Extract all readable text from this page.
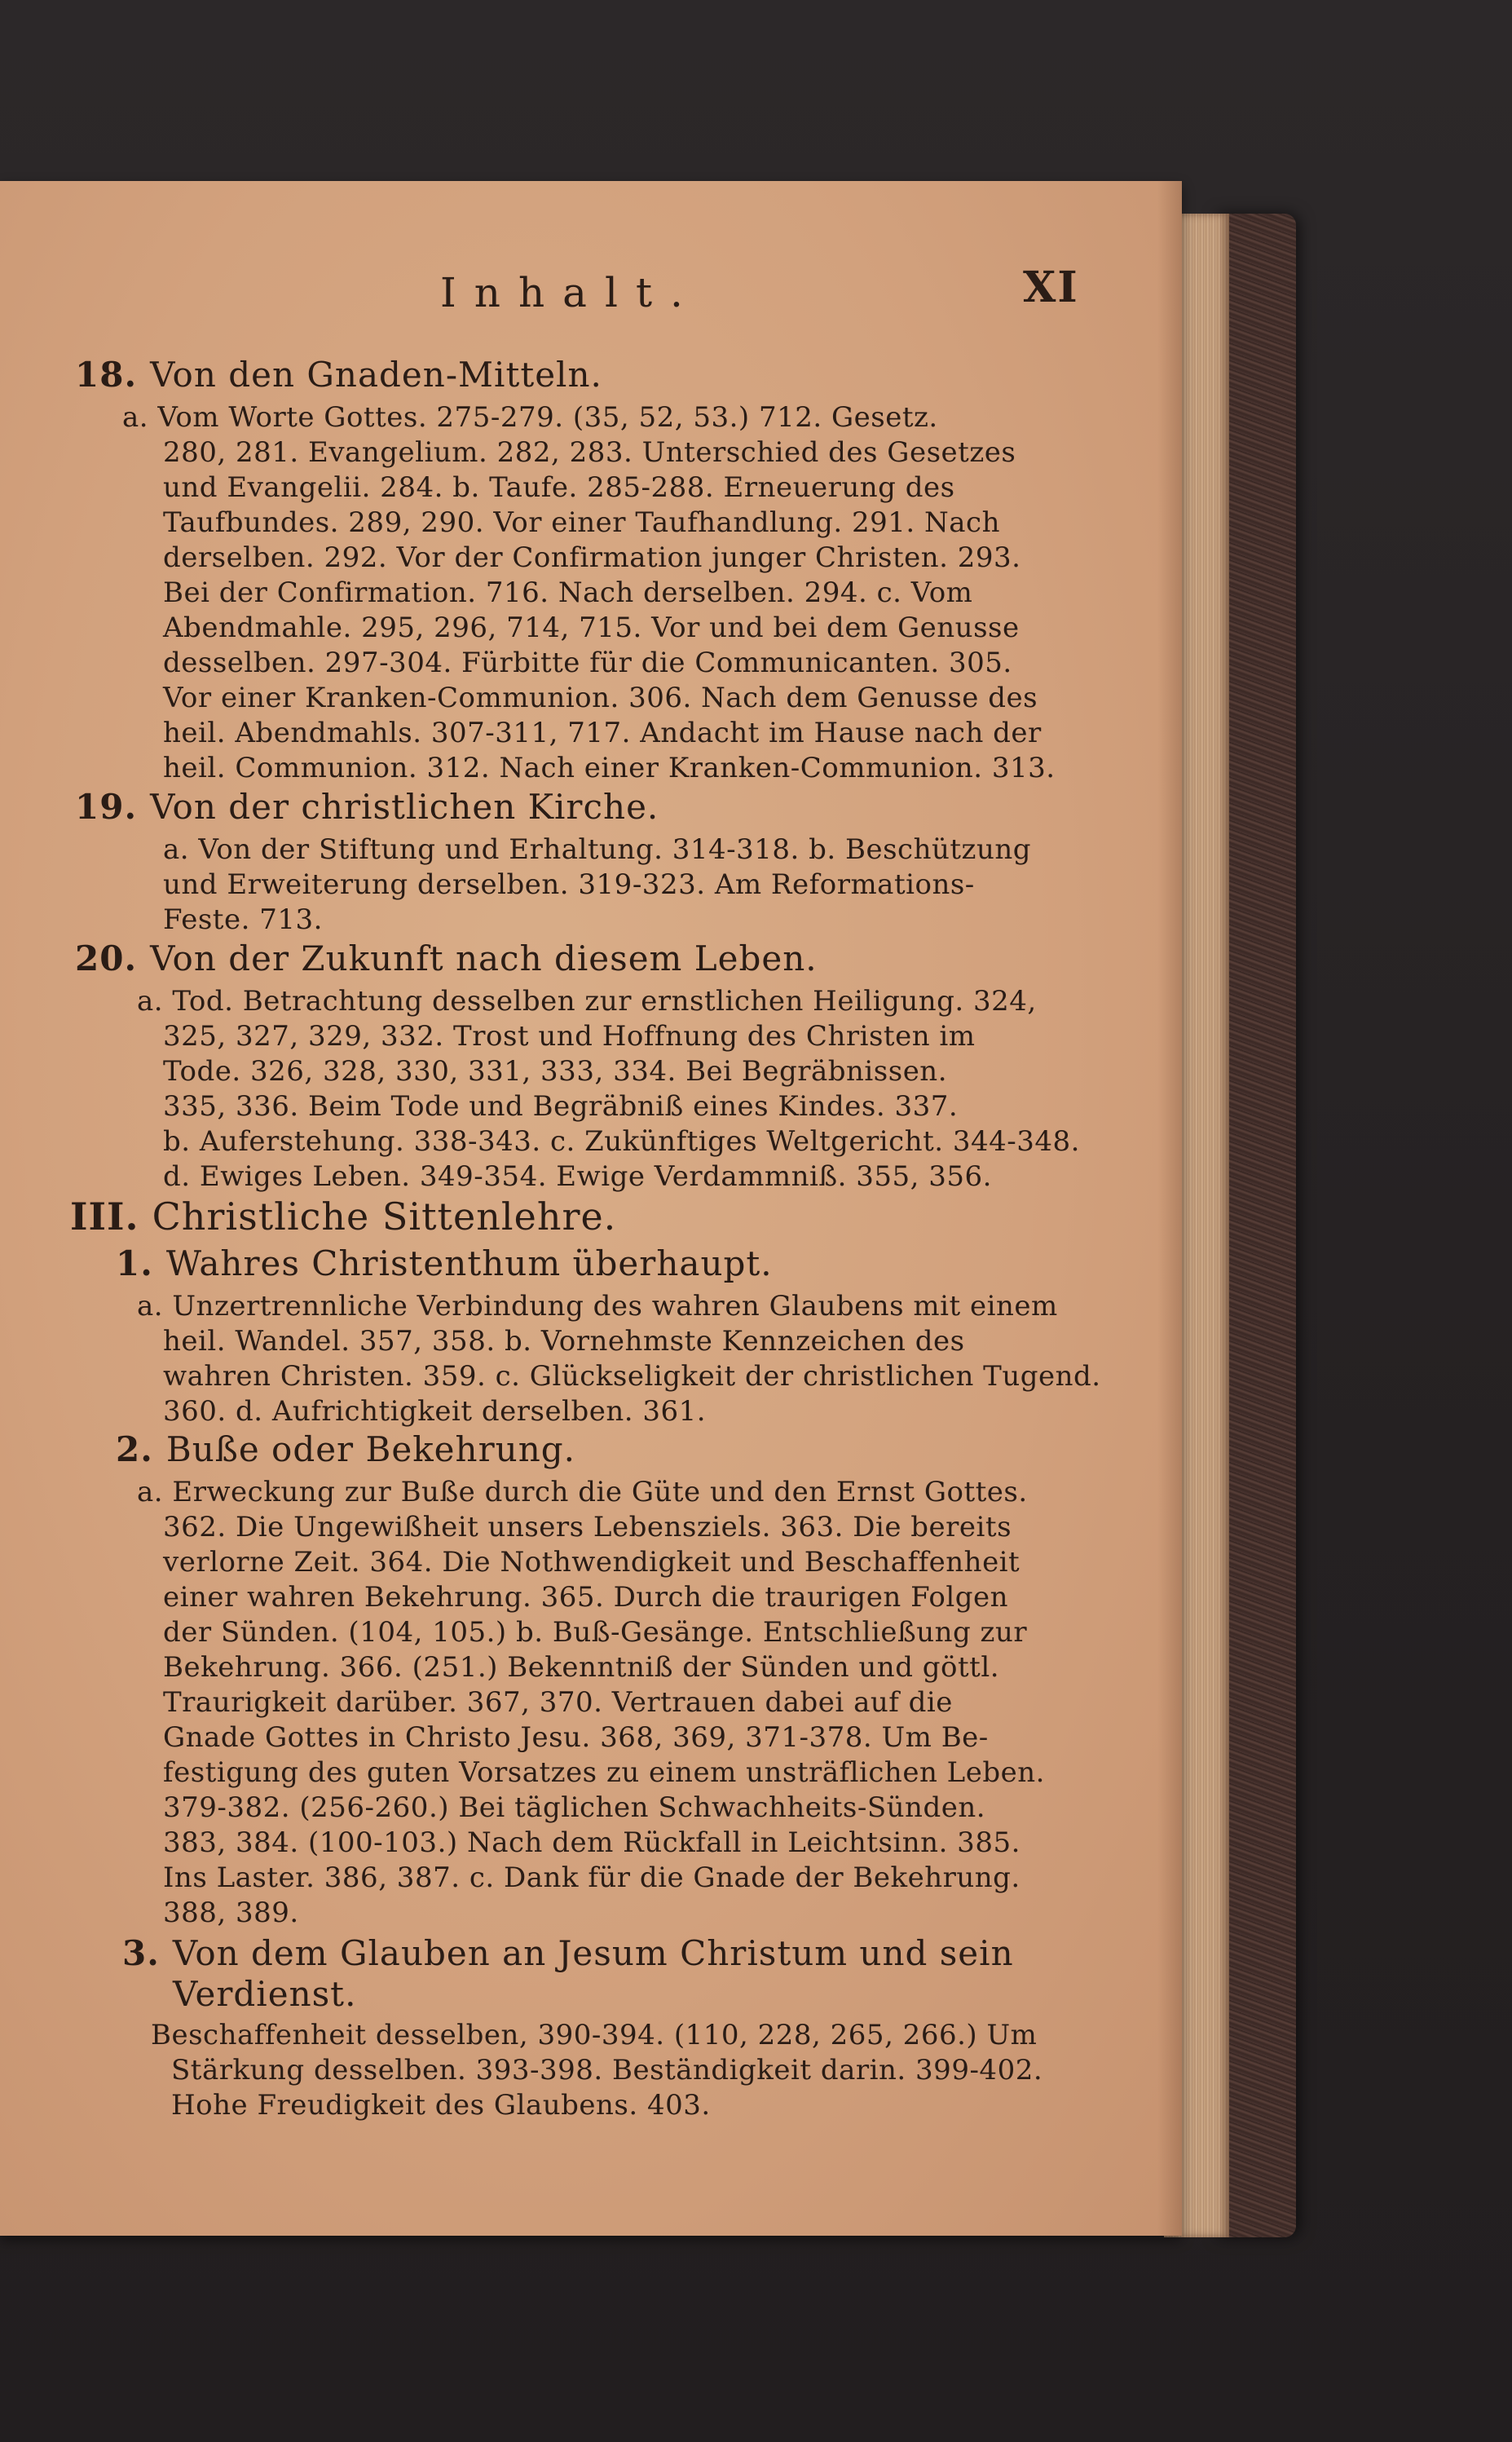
Inhalt.	XI
18. Von den Gnaden-Mitteln.
a. Vom Worte Gottes. 275-279. (35, 52, 53.) 712. Gesetz.
280, 281. Evangelium. 282, 283. Unterschied des Gesetzes
und Evangelii. 284. b. Taufe. 285-288. Erneuerung des
Taufbundes. 289, 290. Vor einer Taufhandlung. 291. Nach
derselben. 292. Vor der Confirmation junger Christen. 293.
Bei der Confirmation. 716. Nach derselben. 294. c. Vom
Abendmahle. 295, 296, 714, 715. Vor und bei dem Genusse
desselben. 297-304. Fürbitte für die Communicanten. 305.
Vor einer Kranken-Communion. 306. Nach dem Genusse des
heil. Abendmahls. 307-311, 717. Andacht im Hause nach der
heil. Communion. 312. Nach einer Kranken-Communion. 313.
19. Von der christlichen Kirche.
a. Von der Stiftung und Erhaltung. 314-318. b. Beschützung
und Erweiterung derselben. 319-323. Am Reformations-
Feste. 713.
20. Von der Zukunft nach diesem Leben.
a. Tod. Betrachtung desselben zur ernstlichen Heiligung. 324,
325, 327, 329, 332. Trost und Hoffnung des Christen im
Tode. 326, 328, 330, 331, 333, 334. Bei Begräbnissen.
335, 336. Beim Tode und Begräbniß eines Kindes. 337.
b. Auferstehung. 338-343. c. Zukünftiges Weltgericht. 344-348.
d. Ewiges Leben. 349-354. Ewige Verdammniß. 355, 356.
III. Christliche Sittenlehre.
1. Wahres Christenthum überhaupt.
a. Unzertrennliche Verbindung des wahren Glaubens mit einem
heil. Wandel. 357, 358. b. Vornehmste Kennzeichen des
wahren Christen. 359. c. Glückseligkeit der christlichen Tugend.
360. d. Aufrichtigkeit derselben. 361.
2. Buße oder Bekehrung.
a. Erweckung zur Buße durch die Güte und den Ernst Gottes.
362. Die Ungewißheit unsers Lebensziels. 363. Die bereits
verlorne Zeit. 364. Die Nothwendigkeit und Beschaffenheit
einer wahren Bekehrung. 365. Durch die traurigen Folgen
der Sünden. (104, 105.) b. Buß-Gesänge. Entschließung zur
Bekehrung. 366. (251.) Bekenntniß der Sünden und göttl.
Traurigkeit darüber. 367, 370. Vertrauen dabei auf die
Gnade Gottes in Christo Jesu. 368, 369, 371-378. Um Be-
festigung des guten Vorsatzes zu einem unsträflichen Leben.
379-382. (256-260.) Bei täglichen Schwachheits-Sünden.
383, 384. (100-103.) Nach dem Rückfall in Leichtsinn. 385.
Ins Laster. 386, 387. c. Dank für die Gnade der Bekehrung.
388, 389.
3. Von dem Glauben an Jesum Christum und sein
Verdienst.
Beschaffenheit desselben, 390-394. (110, 228, 265, 266.) Um
Stärkung desselben. 393-398. Beständigkeit darin. 399-402.
Hohe Freudigkeit des Glaubens. 403.
